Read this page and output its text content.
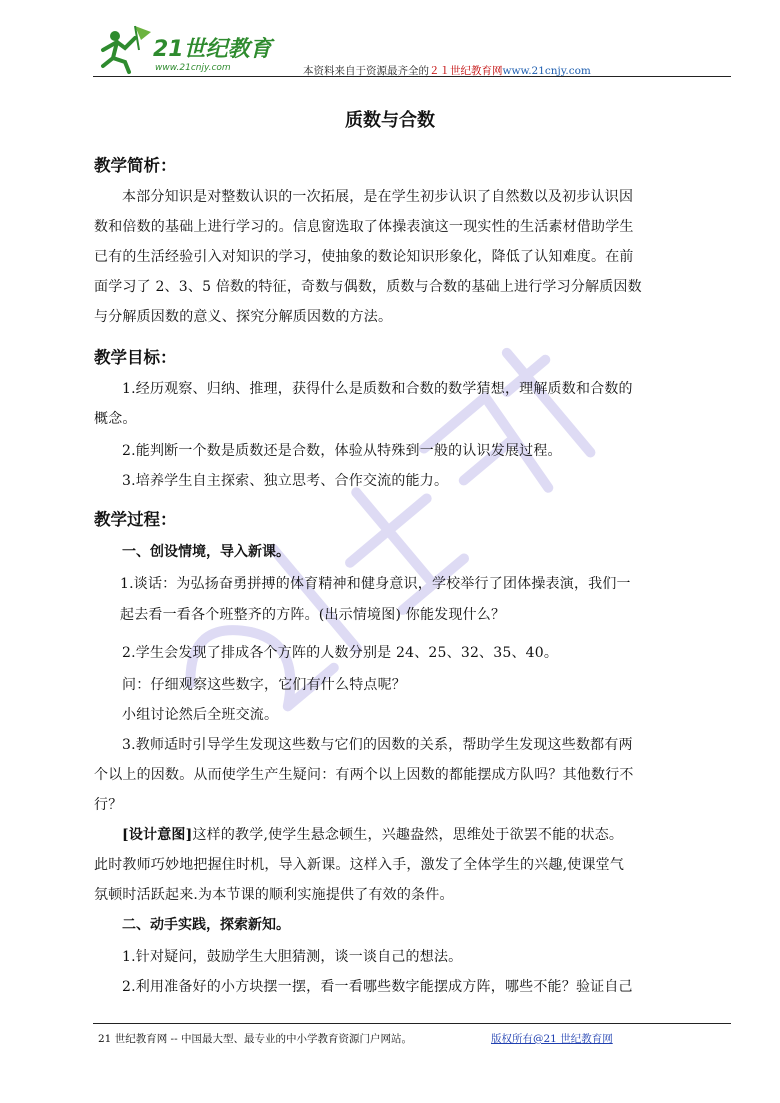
21世纪教育
www.21cnjy.com	本资料来自于资源最齐全的２１世纪教育网www.21cnjy.com
质数与合数
教学简析：
本部分知识是对整数认识的一次拓展，是在学生初步认识了自然数以及初步认识因
数和倍数的基础上进行学习的。信息窗选取了体操表演这一现实性的生活素材借助学生
已有的生活经验引入对知识的学习，使抽象的数论知识形象化，降低了认知难度。在前
面学习了 2、3、5 倍数的特征，奇数与偶数，质数与合数的基础上进行学习分解质因数
与分解质因数的意义、探究分解质因数的方法。
教学目标：
1.经历观察、归纳、推理，获得什么是质数和合数的数学猜想，理解质数和合数的
概念。
2.能判断一个数是质数还是合数，体验从特殊到一般的认识发展过程。
3.培养学生自主探索、独立思考、合作交流的能力。
教学过程：
一、创设情境，导入新课。
1.谈话：为弘扬奋勇拼搏的体育精神和健身意识，学校举行了团体操表演，我们一
起去看一看各个班整齐的方阵。(出示情境图) 你能发现什么？
2.学生会发现了排成各个方阵的人数分别是 24、25、32、35、40。
问：仔细观察这些数字，它们有什么特点呢？
小组讨论然后全班交流。
3.教师适时引导学生发现这些数与它们的因数的关系，帮助学生发现这些数都有两
个以上的因数。从而使学生产生疑问：有两个以上因数的都能摆成方队吗？其他数行不
行？
[设计意图]这样的教学,使学生悬念顿生，兴趣盎然，思维处于欲罢不能的状态。
此时教师巧妙地把握住时机，导入新课。这样入手，激发了全体学生的兴趣,使课堂气
氛顿时活跃起来.为本节课的顺利实施提供了有效的条件。
二、动手实践，探索新知。
1.针对疑问，鼓励学生大胆猜测，谈一谈自己的想法。
2.利用准备好的小方块摆一摆，看一看哪些数字能摆成方阵，哪些不能？验证自己
21 世纪教育网 -- 中国最大型、最专业的中小学教育资源门户网站。	版权所有@21 世纪教育网
